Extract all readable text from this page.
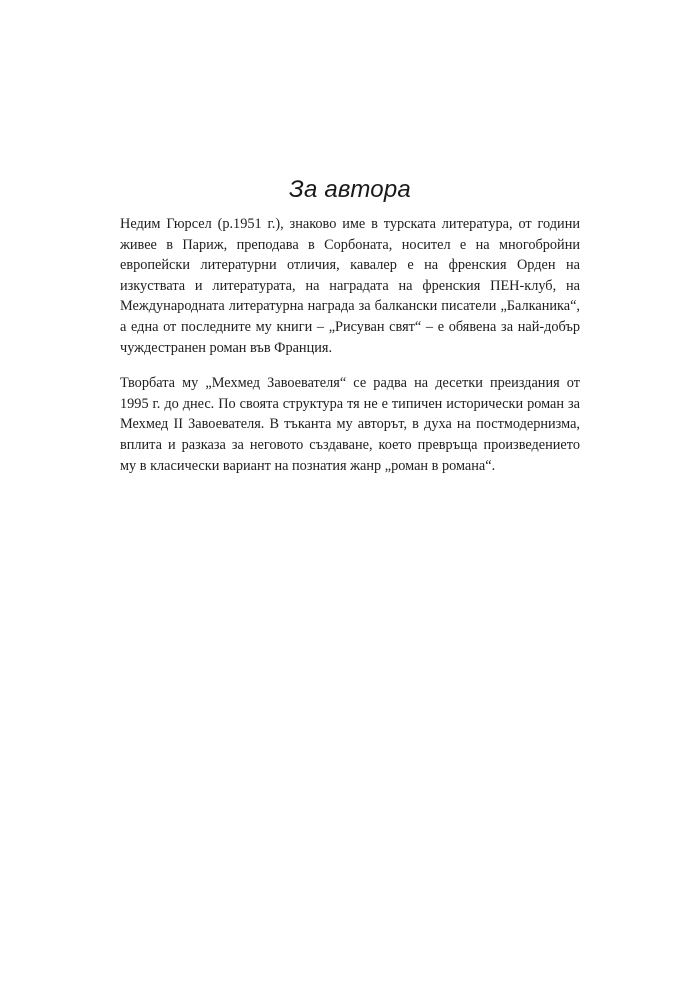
За автора

Недим Гюрсел (р.1951 г.), знаково име в турската литература, от години живее в Париж, преподава в Сорбоната, носител е на многобройни европейски литературни отличия, кавалер е на френския Орден на изкуствата и литературата, на наградата на френския ПЕН-клуб, на Международната литературна награда за балкански писатели „Балканика“, а една от последните му книги – „Рисуван свят“ – е обявена за най-добър чуждестранен роман във Франция.

Творбата му „Мехмед Завоевателя“ се радва на десетки преиздания от 1995 г. до днес. По своята структура тя не е типичен исторически роман за Мехмед II Завоевателя. В тъканта му авторът, в духа на постмодернизма, вплита и разказа за неговото създаване, което превръща произведението му в класически вариант на познатия жанр „роман в романа“.
